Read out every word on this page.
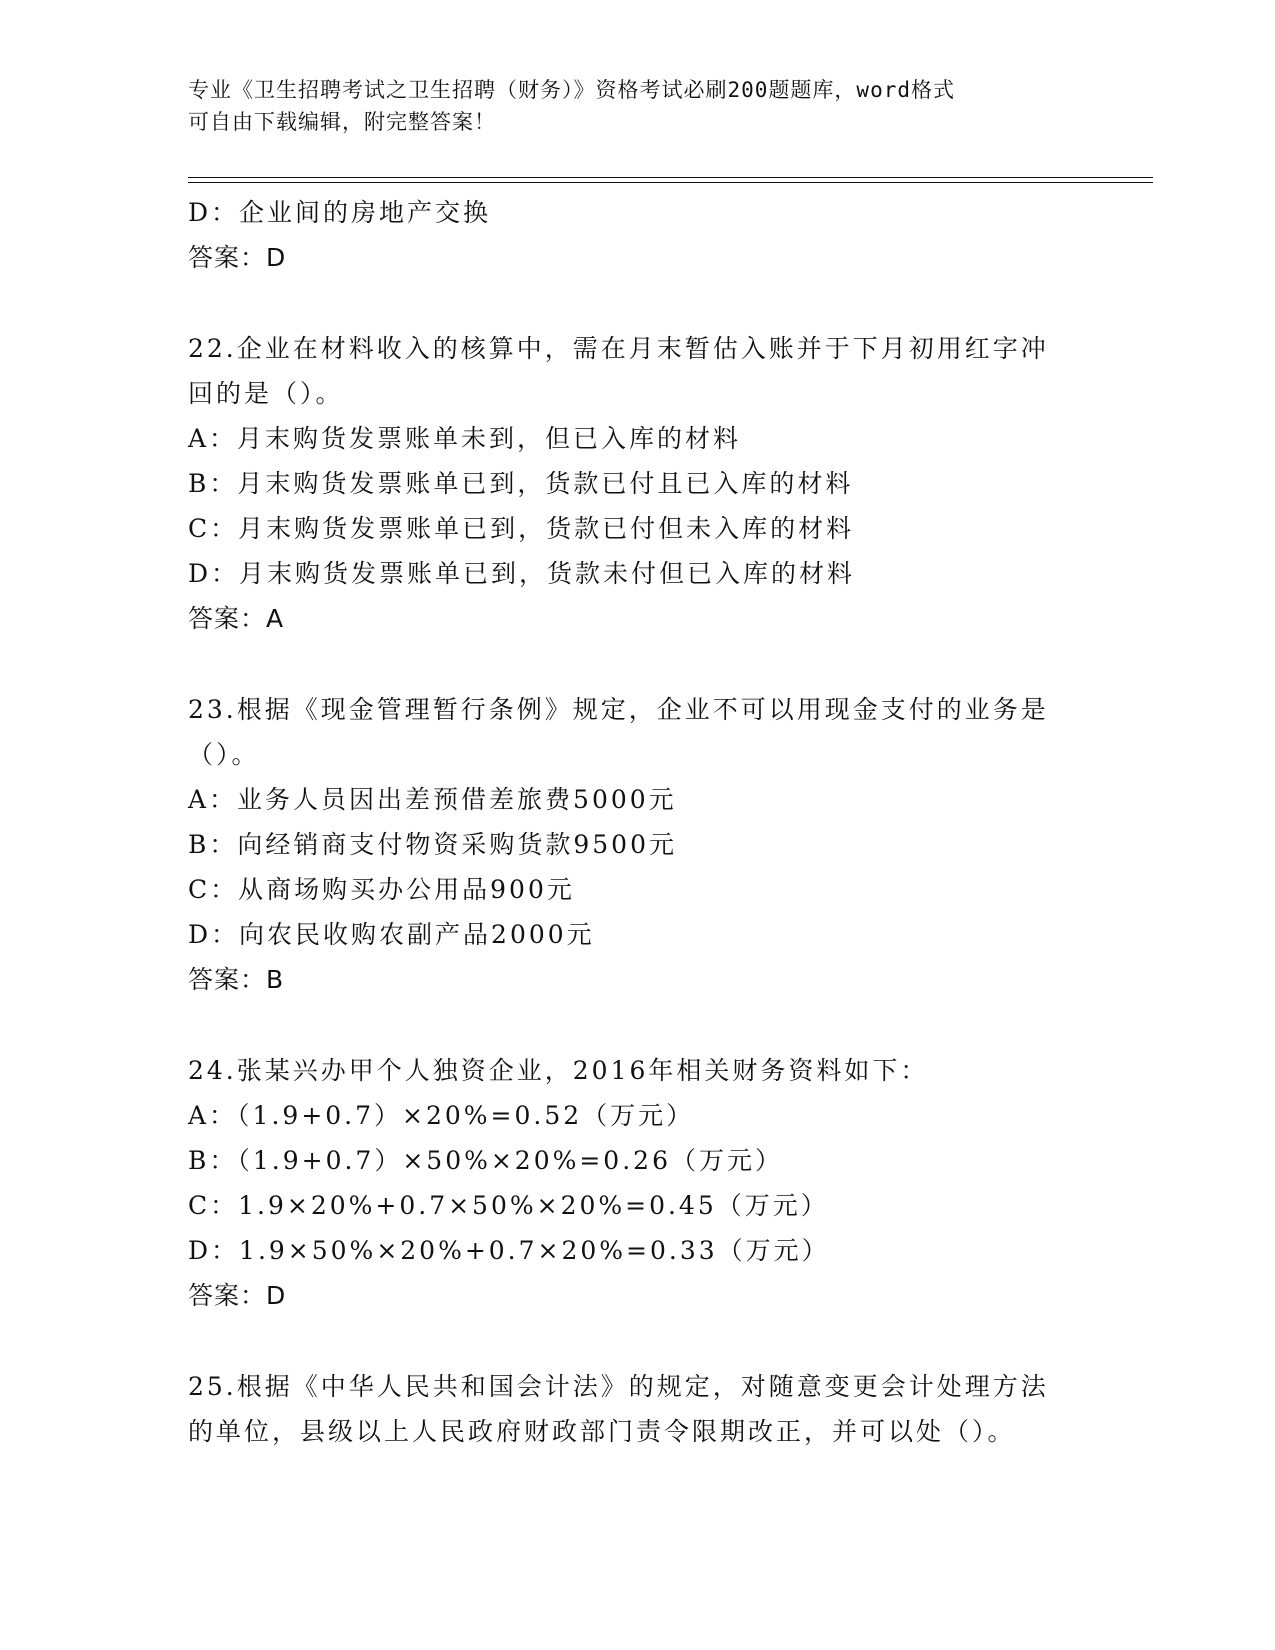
专业《卫生招聘考试之卫生招聘（财务）》资格考试必刷200题题库，word格式
可自由下载编辑，附完整答案！
D：企业间的房地产交换
答案：D
22.企业在材料收入的核算中，需在月末暂估入账并于下月初用红字冲
回的是（）。
A：月末购货发票账单未到，但已入库的材料
B：月末购货发票账单已到，货款已付且已入库的材料
C：月末购货发票账单已到，货款已付但未入库的材料
D：月末购货发票账单已到，货款未付但已入库的材料
答案：A
23.根据《现金管理暂行条例》规定，企业不可以用现金支付的业务是
（）。
A：业务人员因出差预借差旅费5000元
B：向经销商支付物资采购货款9500元
C：从商场购买办公用品900元
D：向农民收购农副产品2000元
答案：B
24.张某兴办甲个人独资企业，2016年相关财务资料如下：
A：（1.9+0.7）×20%=0.52（万元）
B：（1.9+0.7）×50%×20%=0.26（万元）
C：1.9×20%+0.7×50%×20%=0.45（万元）
D：1.9×50%×20%+0.7×20%=0.33（万元）
答案：D
25.根据《中华人民共和国会计法》的规定，对随意变更会计处理方法
的单位，县级以上人民政府财政部门责令限期改正，并可以处（）。
